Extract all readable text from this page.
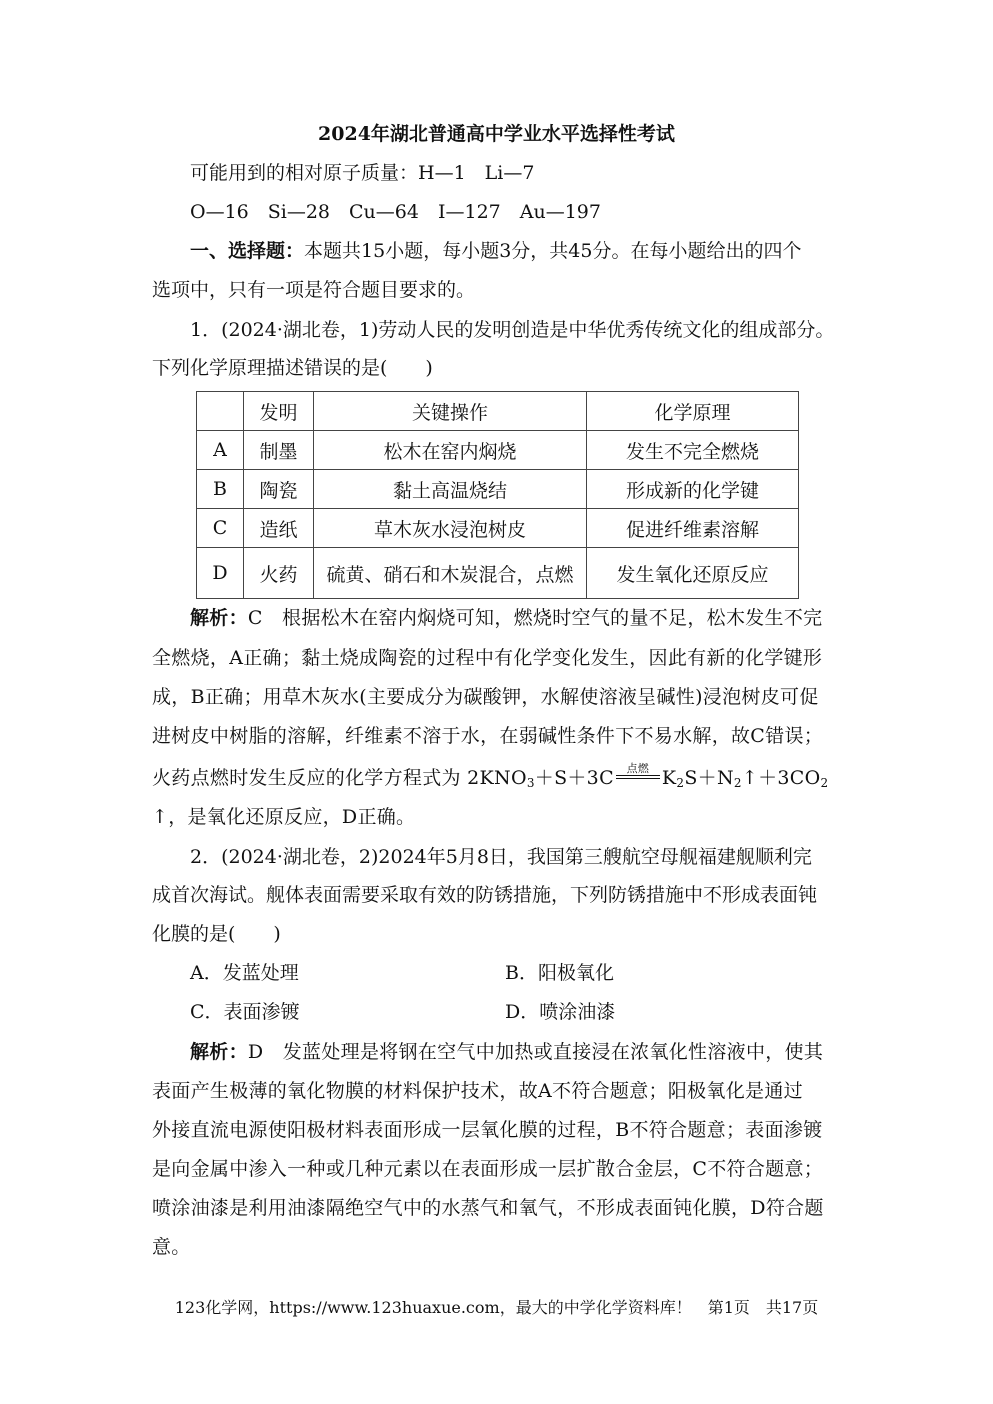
2024年湖北普通高中学业水平选择性考试
可能用到的相对原子质量：H—1　Li—7
O—16　Si—28　Cu—64　I—127　Au—197
一、选择题：本题共15小题，每小题3分，共45分。在每小题给出的四个
选项中，只有一项是符合题目要求的。
1．(2024·湖北卷，1)劳动人民的发明创造是中华优秀传统文化的组成部分。
下列化学原理描述错误的是(　　)
	发明	关键操作	化学原理
A	制墨	松木在窑内焖烧	发生不完全燃烧
B	陶瓷	黏土高温烧结	形成新的化学键
C	造纸	草木灰水浸泡树皮	促进纤维素溶解
D	火药	硫黄、硝石和木炭混合，点燃	发生氧化还原反应
解析：C　根据松木在窑内焖烧可知，燃烧时空气的量不足，松木发生不完
全燃烧，A正确；黏土烧成陶瓷的过程中有化学变化发生，因此有新的化学键形
成，B正确；用草木灰水(主要成分为碳酸钾，水解使溶液呈碱性)浸泡树皮可促
进树皮中树脂的溶解，纤维素不溶于水，在弱碱性条件下不易水解，故C错误；
火药点燃时发生反应的化学方程式为 $2KNO_3+S+3C$	点燃 $K_2S+N_2↑+3CO_2$
↑，是氧化还原反应，D正确。
2．(2024·湖北卷，2)2024年5月8日，我国第三艘航空母舰福建舰顺利完
成首次海试。舰体表面需要采取有效的防锈措施，下列防锈措施中不形成表面钝
化膜的是(　　)
A．发蓝处理	B．阳极氧化
C．表面渗镀	D．喷涂油漆
解析：D　发蓝处理是将钢在空气中加热或直接浸在浓氧化性溶液中，使其
表面产生极薄的氧化物膜的材料保护技术，故A不符合题意；阳极氧化是通过
外接直流电源使阳极材料表面形成一层氧化膜的过程，B不符合题意；表面渗镀
是向金属中渗入一种或几种元素以在表面形成一层扩散合金层，C不符合题意；
喷涂油漆是利用油漆隔绝空气中的水蒸气和氧气，不形成表面钝化膜，D符合题
意。
123化学网，https://www.123huaxue.com，最大的中学化学资料库！　第1页　共17页
